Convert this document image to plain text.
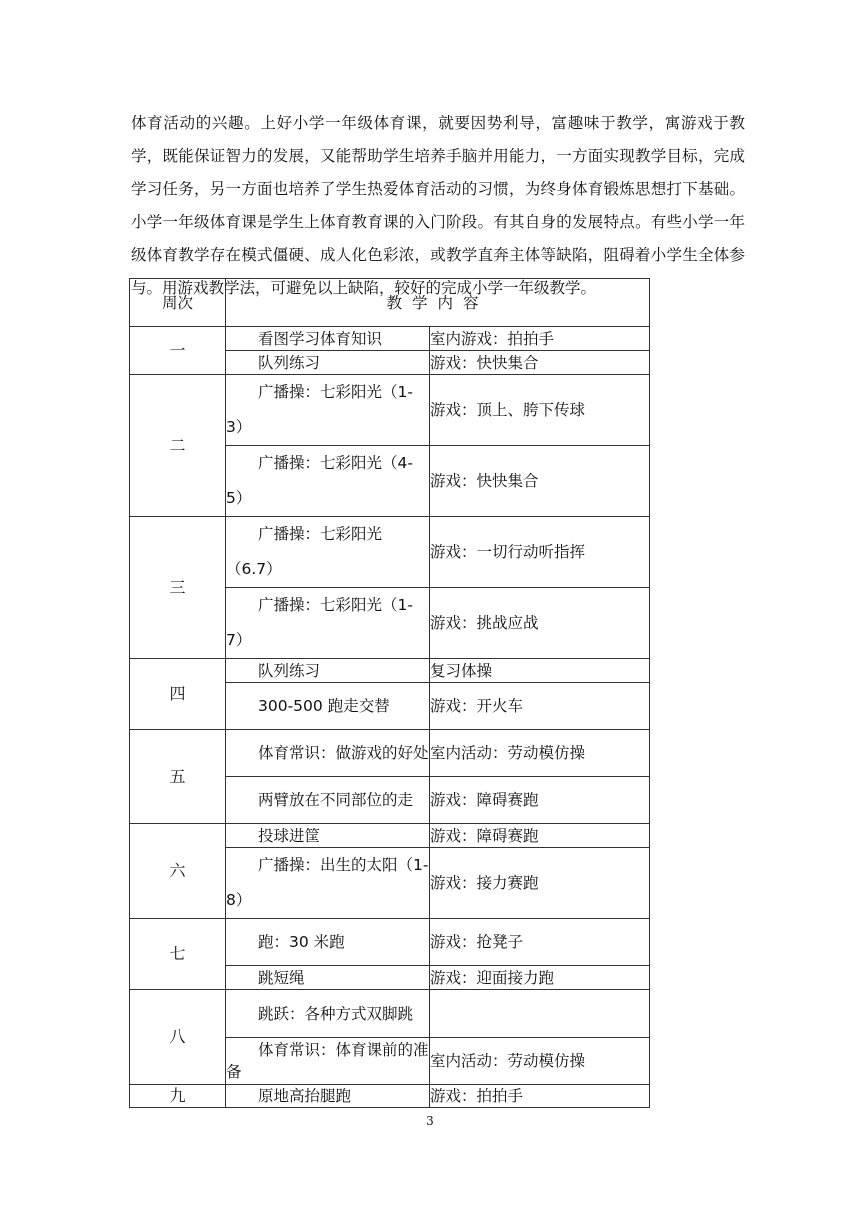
体育活动的兴趣。上好小学一年级体育课，就要因势利导，富趣味于教学，寓游戏于教学，既能保证智力的发展，又能帮助学生培养手脑并用能力，一方面实现教学目标，完成学习任务，另一方面也培养了学生热爱体育活动的习惯，为终身体育锻炼思想打下基础。小学一年级体育课是学生上体育教育课的入门阶段。有其自身的发展特点。有些小学一年级体育教学存在模式僵硬、成人化色彩浓，或教学直奔主体等缺陷，阻碍着小学生全体参与。用游戏教学法，可避免以上缺陷，较好的完成小学一年级教学。

周次	教学内容	
一	看图学习体育知识	室内游戏：拍拍手

	队列练习	游戏：快快集合
二	广播操：七彩阳光（1-3）	游戏：顶上、胯下传球

	广播操：七彩阳光（4-5）	游戏：快快集合
三	广播操：七彩阳光（6.7）	游戏：一切行动听指挥

	广播操：七彩阳光（1-7）	游戏：挑战应战
四	队列练习	复习体操

	300-500 跑走交替	游戏：开火车
五	体育常识：做游戏的好处	室内活动：劳动模仿操

	两臂放在不同部位的走	游戏：障碍赛跑
六	投球进筐	游戏：障碍赛跑

	广播操：出生的太阳（1-8）	游戏：接力赛跑
七	跑：30 米跑	游戏：抢凳子

	跳短绳	游戏：迎面接力跑
八	跳跃：各种方式双脚跳	

	体育常识：体育课前的准备	室内活动：劳动模仿操
九	原地高抬腿跑	游戏：拍拍手
3
